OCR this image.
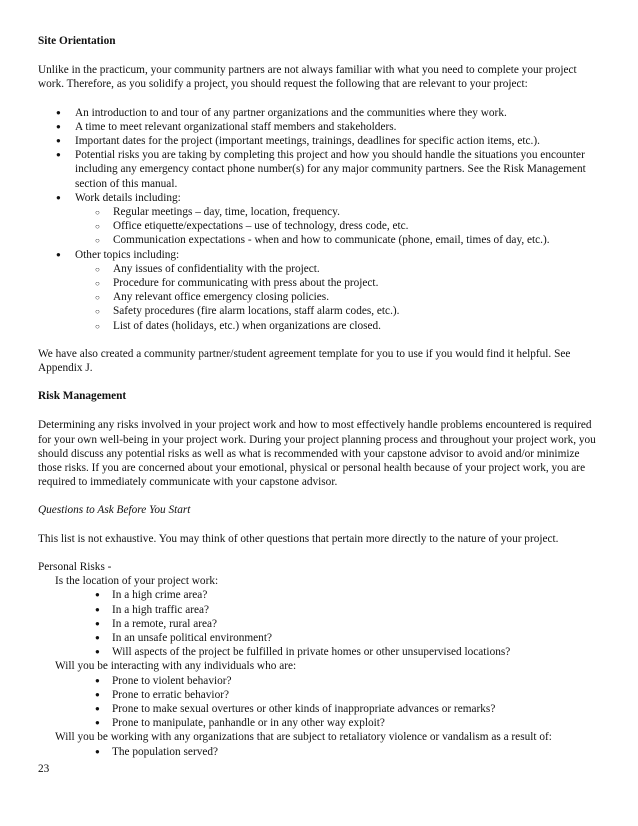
Site Orientation

Unlike in the practicum, your community partners are not always familiar with what you need to complete your project work. Therefore, as you solidify a project, you should request the following that are relevant to your project:

● An introduction to and tour of any partner organizations and the communities where they work.
● A time to meet relevant organizational staff members and stakeholders.
● Important dates for the project (important meetings, trainings, deadlines for specific action items, etc.).
● Potential risks you are taking by completing this project and how you should handle the situations you encounter including any emergency contact phone number(s) for any major community partners. See the Risk Management section of this manual.
● Work details including:
○ Regular meetings – day, time, location, frequency.
○ Office etiquette/expectations – use of technology, dress code, etc.
○ Communication expectations - when and how to communicate (phone, email, times of day, etc.).
● Other topics including:
○ Any issues of confidentiality with the project.
○ Procedure for communicating with press about the project.
○ Any relevant office emergency closing policies.
○ Safety procedures (fire alarm locations, staff alarm codes, etc.).
○ List of dates (holidays, etc.) when organizations are closed.

We have also created a community partner/student agreement template for you to use if you would find it helpful. See Appendix J.

Risk Management

Determining any risks involved in your project work and how to most effectively handle problems encountered is required for your own well-being in your project work. During your project planning process and throughout your project work, you should discuss any potential risks as well as what is recommended with your capstone advisor to avoid and/or minimize those risks. If you are concerned about your emotional, physical or personal health because of your project work, you are required to immediately communicate with your capstone advisor.

Questions to Ask Before You Start

This list is not exhaustive. You may think of other questions that pertain more directly to the nature of your project.

Personal Risks -

Is the location of your project work:

● In a high crime area?
● In a high traffic area?
● In a remote, rural area?
● In an unsafe political environment?
● Will aspects of the project be fulfilled in private homes or other unsupervised locations?

Will you be interacting with any individuals who are:

● Prone to violent behavior?
● Prone to erratic behavior?
● Prone to make sexual overtures or other kinds of inappropriate advances or remarks?
● Prone to manipulate, panhandle or in any other way exploit?

Will you be working with any organizations that are subject to retaliatory violence or vandalism as a result of:

● The population served?
23
